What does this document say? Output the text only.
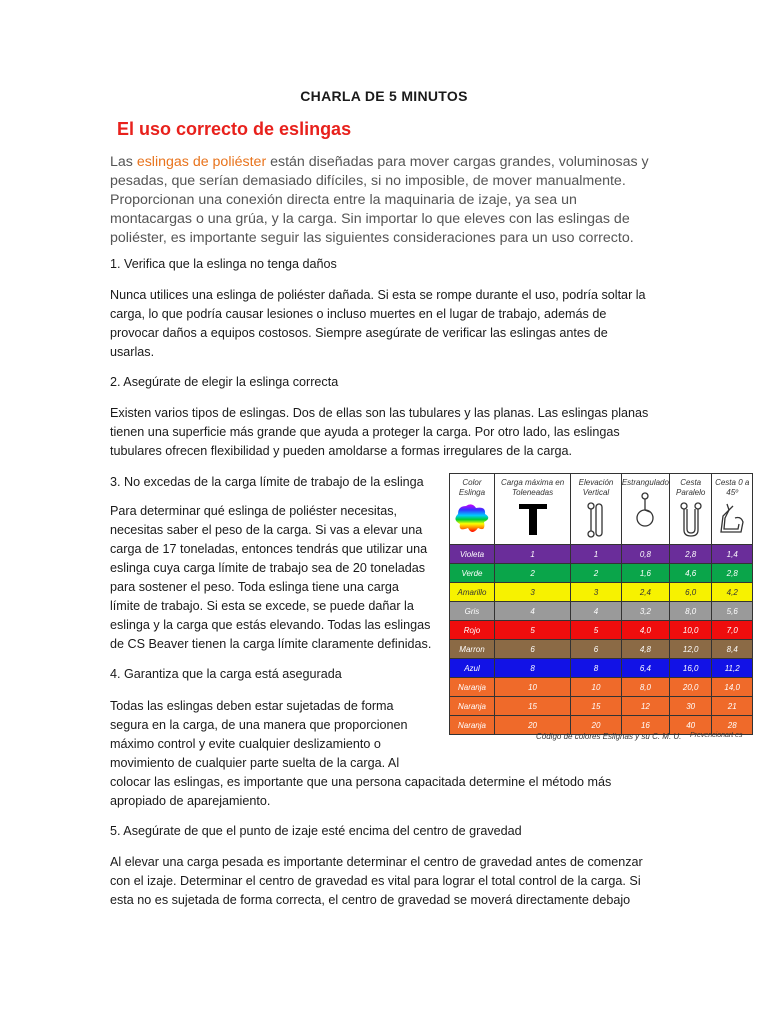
CHARLA DE 5 MINUTOS
El uso correcto de eslingas
Las eslingas de poliéster están diseñadas para mover cargas grandes, voluminosas y
pesadas, que serían demasiado difíciles, si no imposible, de mover manualmente.
Proporcionan una conexión directa entre la maquinaria de izaje, ya sea un
montacargas o una grúa, y la carga. Sin importar lo que eleves con las eslingas de
poliéster, es importante seguir las siguientes consideraciones para un uso correcto.
1. Verifica que la eslinga no tenga daños
Nunca utilices una eslinga de poliéster dañada. Si esta se rompe durante el uso, podría soltar la
carga, lo que podría causar lesiones o incluso muertes en el lugar de trabajo, además de
provocar daños a equipos costosos. Siempre asegúrate de verificar las eslingas antes de
usarlas.
2. Asegúrate de elegir la eslinga correcta
Existen varios tipos de eslingas. Dos de ellas son las tubulares y las planas. Las eslingas planas
tienen una superficie más grande que ayuda a proteger la carga. Por otro lado, las eslingas
tubulares ofrecen flexibilidad y pueden amoldarse a formas irregulares de la carga.
3. No excedas de la carga límite de trabajo de la eslinga
Para determinar qué eslinga de poliéster necesitas,
necesitas saber el peso de la carga. Si vas a elevar una
carga de 17 toneladas, entonces tendrás que utilizar una
eslinga cuya carga límite de trabajo sea de 20 toneladas
para sostener el peso. Toda eslinga tiene una carga
límite de trabajo. Si esta se excede, se puede dañar la
eslinga y la carga que estás elevando. Todas las eslingas
de CS Beaver tienen la carga límite claramente definidas.
4. Garantiza que la carga está asegurada
Todas las eslingas deben estar sujetadas de forma
segura en la carga, de una manera que proporcionen
máximo control y evite cualquier deslizamiento o
movimiento de cualquier parte suelta de la carga. Al
colocar las eslingas, es importante que una persona capacitada determine el método más
apropiado de aparejamiento.
5. Asegúrate de que el punto de izaje esté encima del centro de gravedad
Al elevar una carga pesada es importante determinar el centro de gravedad antes de comenzar
con el izaje. Determinar el centro de gravedad es vital para lograr el total control de la carga. Si
esta no es sujetada de forma correcta, el centro de gravedad se moverá directamente debajo
Color Eslinga	Carga máxima en Toleneadas	Elevación Vertical	Estrangulado	Cesta Paralelo	Cesta 0 a 45º

Violeta	1	1	0,8	2,8	1,4
Verde	2	2	1,6	4,6	2,8
Amarillo	3	3	2,4	6,0	4,2
Gris	4	4	3,2	8,0	5,6
Rojo	5	5	4,0	10,0	7,0
Marron	6	6	4,8	12,0	8,4
Azul	8	8	6,4	16,0	11,2
Naranja	10	10	8,0	20,0	14,0
Naranja	15	15	12	30	21
Naranja	20	20	16	40	28
Código de colores Eslignas y su C. M. U. Prevencionart es
